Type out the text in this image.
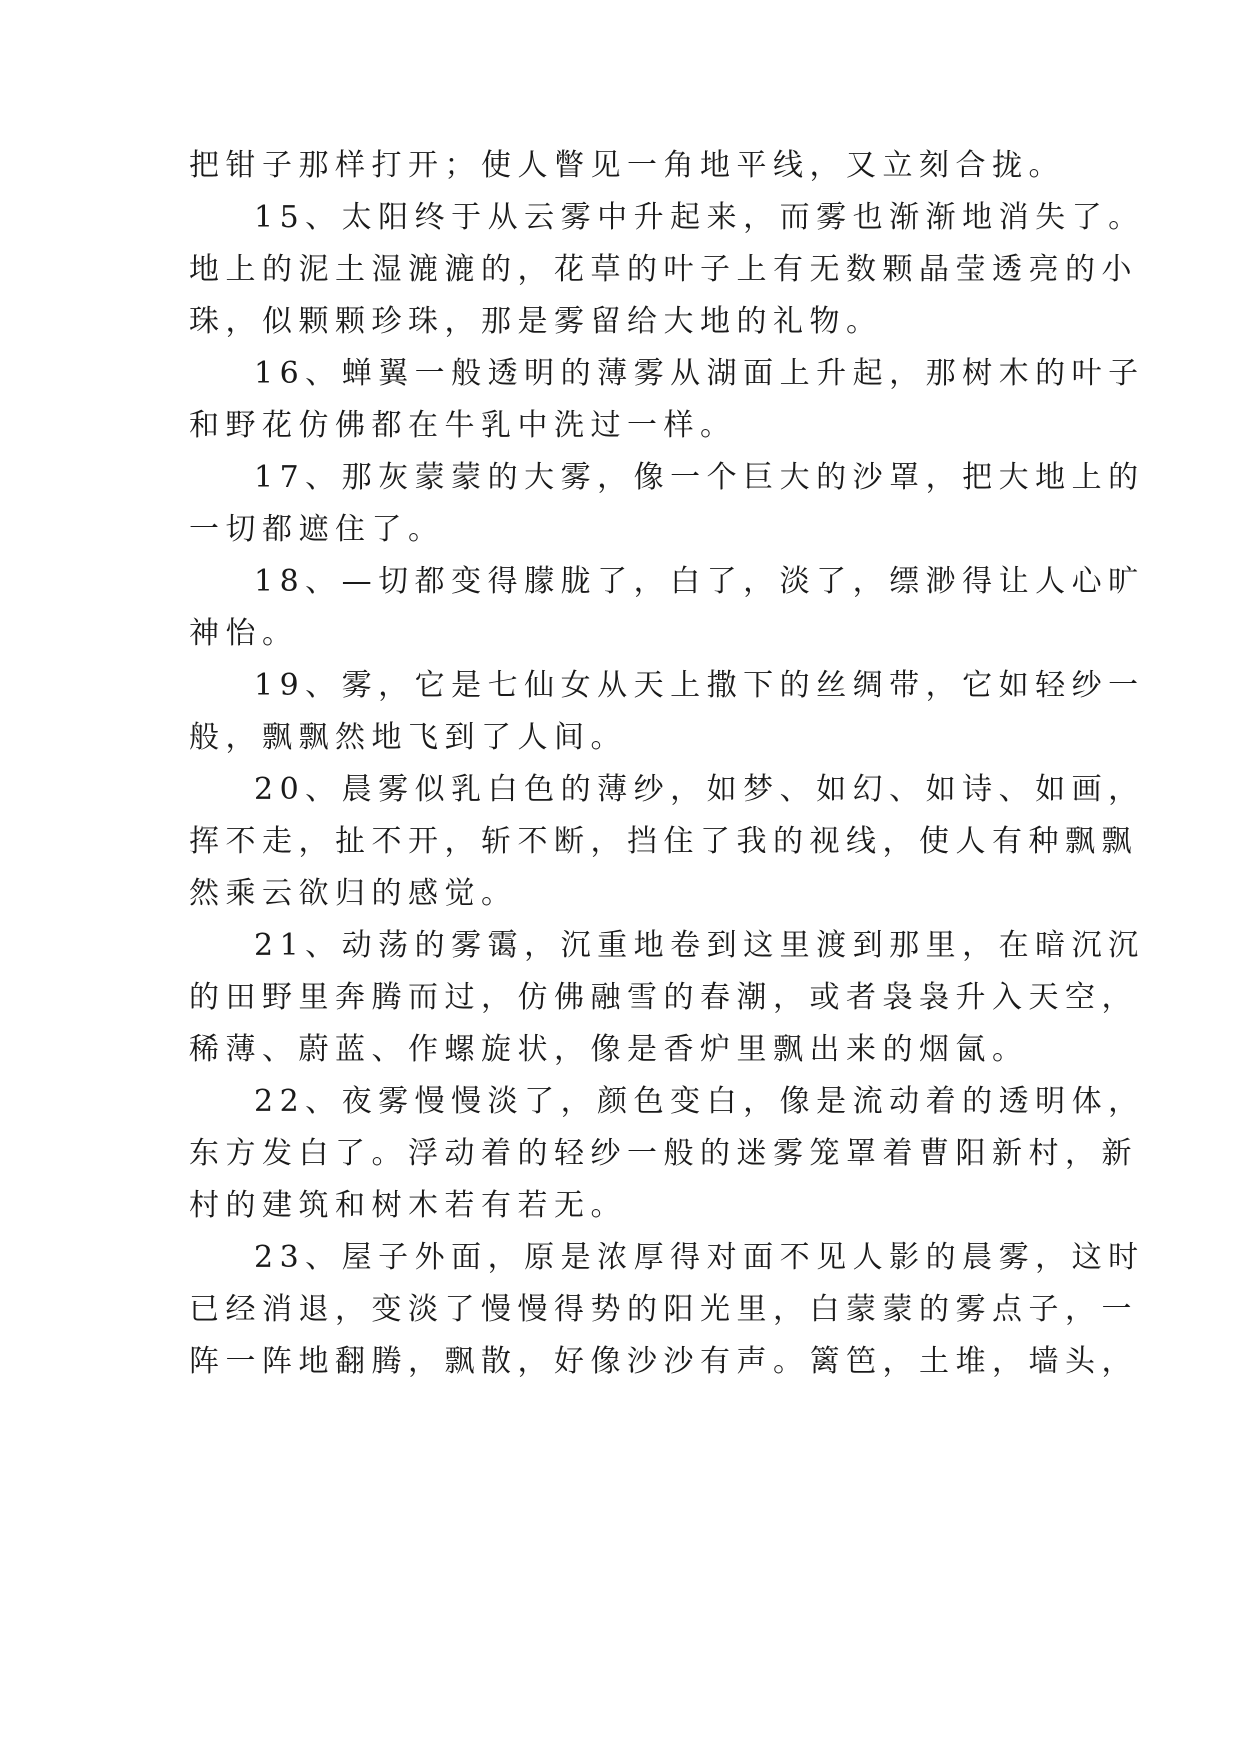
把钳子那样打开；使人瞥见一角地平线，又立刻合拢。
15、太阳终于从云雾中升起来，而雾也渐渐地消失了。
地上的泥土湿漉漉的，花草的叶子上有无数颗晶莹透亮的小
珠，似颗颗珍珠，那是雾留给大地的礼物。
16、蝉翼一般透明的薄雾从湖面上升起，那树木的叶子
和野花仿佛都在牛乳中洗过一样。
17、那灰蒙蒙的大雾，像一个巨大的沙罩，把大地上的
一切都遮住了。
18、—切都变得朦胧了，白了，淡了，缥渺得让人心旷
神怡。
19、雾，它是七仙女从天上撒下的丝绸带，它如轻纱一
般，飘飘然地飞到了人间。
20、晨雾似乳白色的薄纱，如梦、如幻、如诗、如画，
挥不走，扯不开，斩不断，挡住了我的视线，使人有种飘飘
然乘云欲归的感觉。
21、动荡的雾霭，沉重地卷到这里渡到那里，在暗沉沉
的田野里奔腾而过，仿佛融雪的春潮，或者袅袅升入天空，
稀薄、蔚蓝、作螺旋状，像是香炉里飘出来的烟氤。
22、夜雾慢慢淡了，颜色变白，像是流动着的透明体，
东方发白了。浮动着的轻纱一般的迷雾笼罩着曹阳新村，新
村的建筑和树木若有若无。
23、屋子外面，原是浓厚得对面不见人影的晨雾，这时
已经消退，变淡了慢慢得势的阳光里，白蒙蒙的雾点子，一
阵一阵地翻腾，飘散，好像沙沙有声。篱笆，土堆，墙头，
